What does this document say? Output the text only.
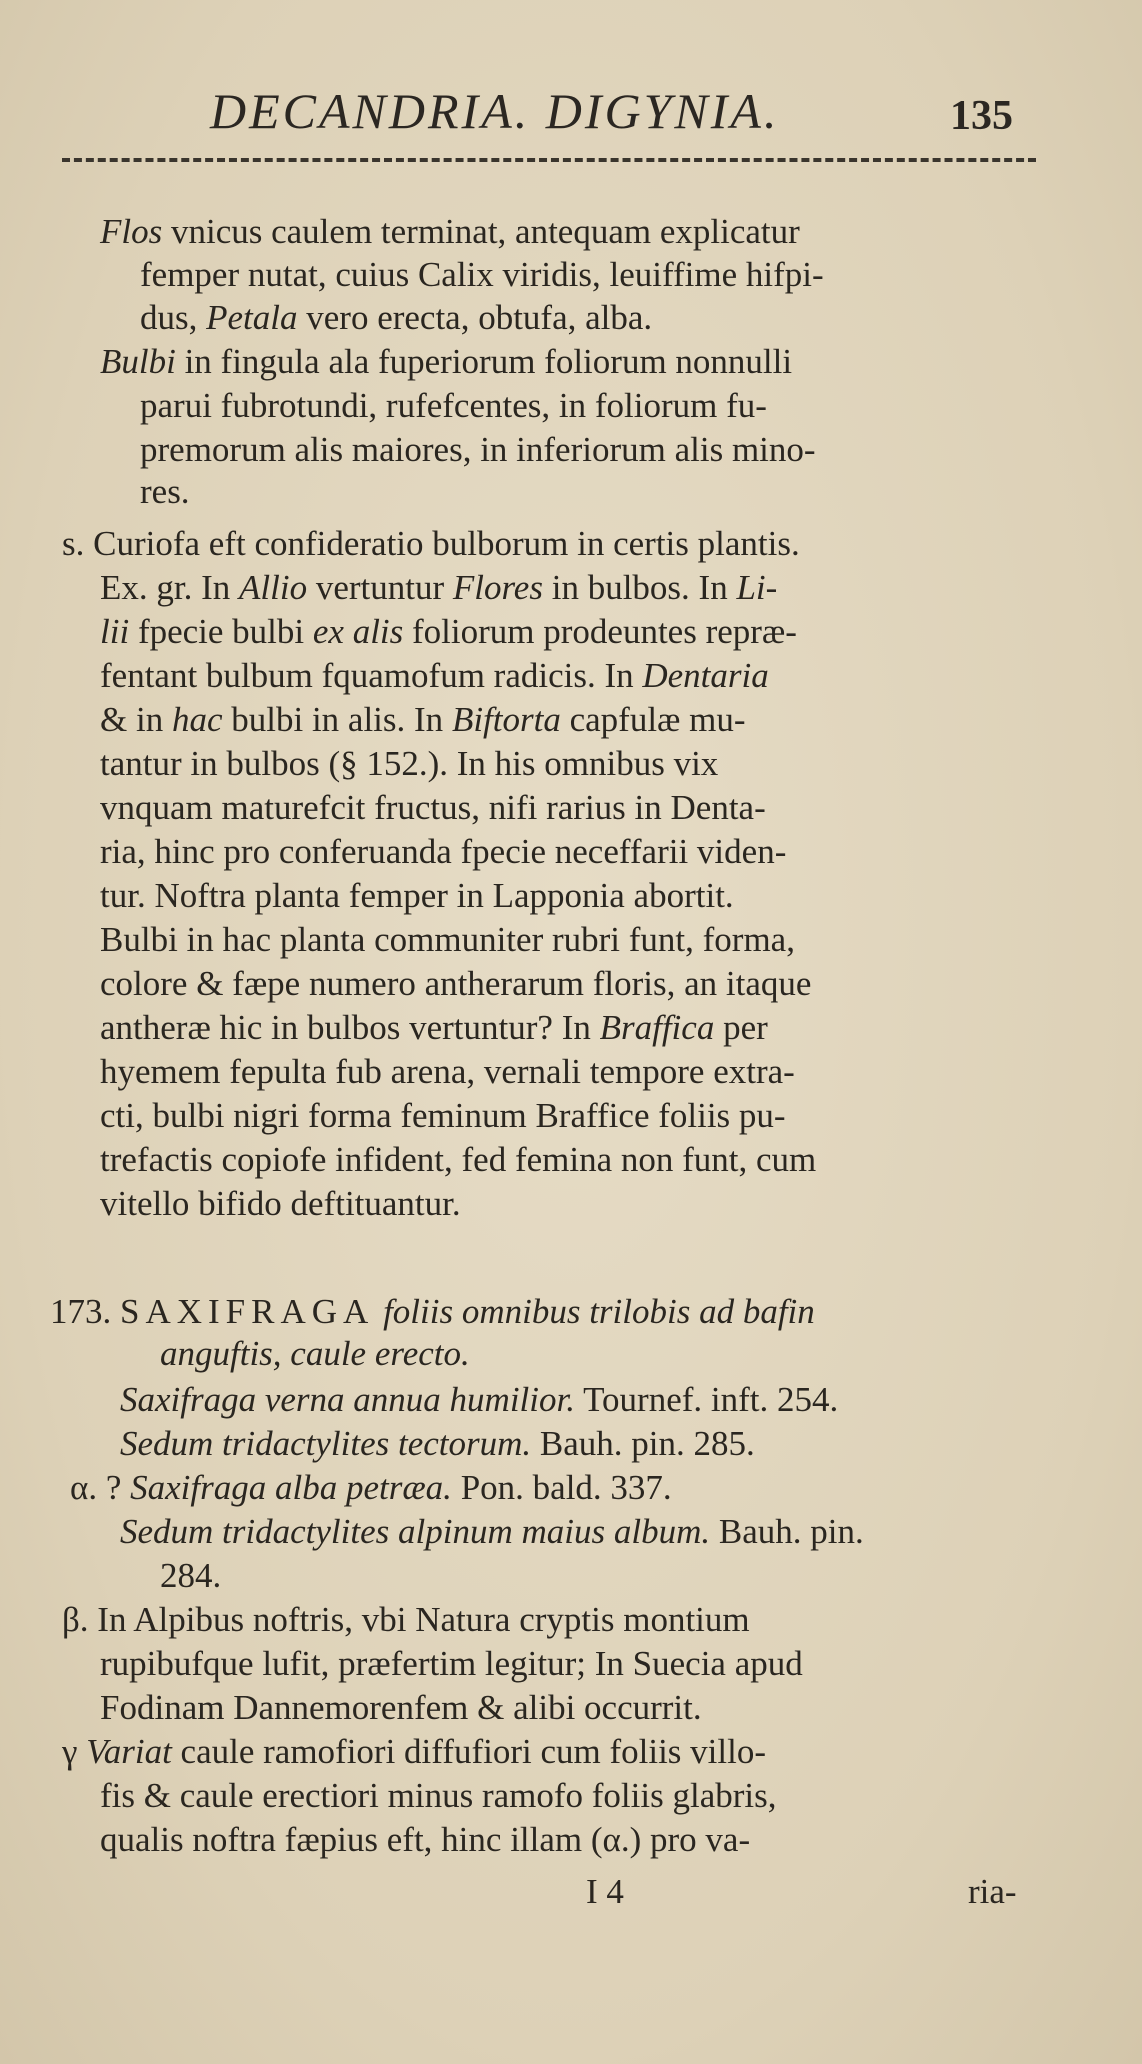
DECANDRIA. DIGYNIA.	135
Flos vnicus caulem terminat, antequam explicatur
femper nutat, cuius Calix viridis, leuiffime hifpi-
dus, Petala vero erecta, obtufa, alba.
Bulbi in fingula ala fuperiorum foliorum nonnulli
parui fubrotundi, rufefcentes, in foliorum fu-
premorum alis maiores, in inferiorum alis mino-
res.
s. Curiofa eft confideratio bulborum in certis plantis.
Ex. gr. In Allio vertuntur Flores in bulbos. In Li-
lii fpecie bulbi ex alis foliorum prodeuntes repræ-
fentant bulbum fquamofum radicis. In Dentaria
& in hac bulbi in alis. In Biftorta capfulæ mu-
tantur in bulbos (§ 152.). In his omnibus vix
vnquam maturefcit fructus, nifi rarius in Denta-
ria, hinc pro conferuanda fpecie neceffarii viden-
tur. Noftra planta femper in Lapponia abortit.
Bulbi in hac planta communiter rubri funt, forma,
colore & fæpe numero antherarum floris, an itaque
antheræ hic in bulbos vertuntur? In Braffica per
hyemem fepulta fub arena, vernali tempore extra-
cti, bulbi nigri forma feminum Braffice foliis pu-
trefactis copiofe infident, fed femina non funt, cum
vitello bifido deftituantur.
173. SAXIFRAGA foliis omnibus trilobis ad bafin
anguftis, caule erecto.
Saxifraga verna annua humilior. Tournef. inft. 254.
Sedum tridactylites tectorum. Bauh. pin. 285.
α. ? Saxifraga alba petræa. Pon. bald. 337.
Sedum tridactylites alpinum maius album. Bauh. pin.
284.
β. In Alpibus noftris, vbi Natura cryptis montium
rupibufque lufit, præfertim legitur; In Suecia apud
Fodinam Dannemorenfem & alibi occurrit.
γ Variat caule ramofiori diffufiori cum foliis villo-
fis & caule erectiori minus ramofo foliis glabris,
qualis noftra fæpius eft, hinc illam (α.) pro va-
I 4	ria-
